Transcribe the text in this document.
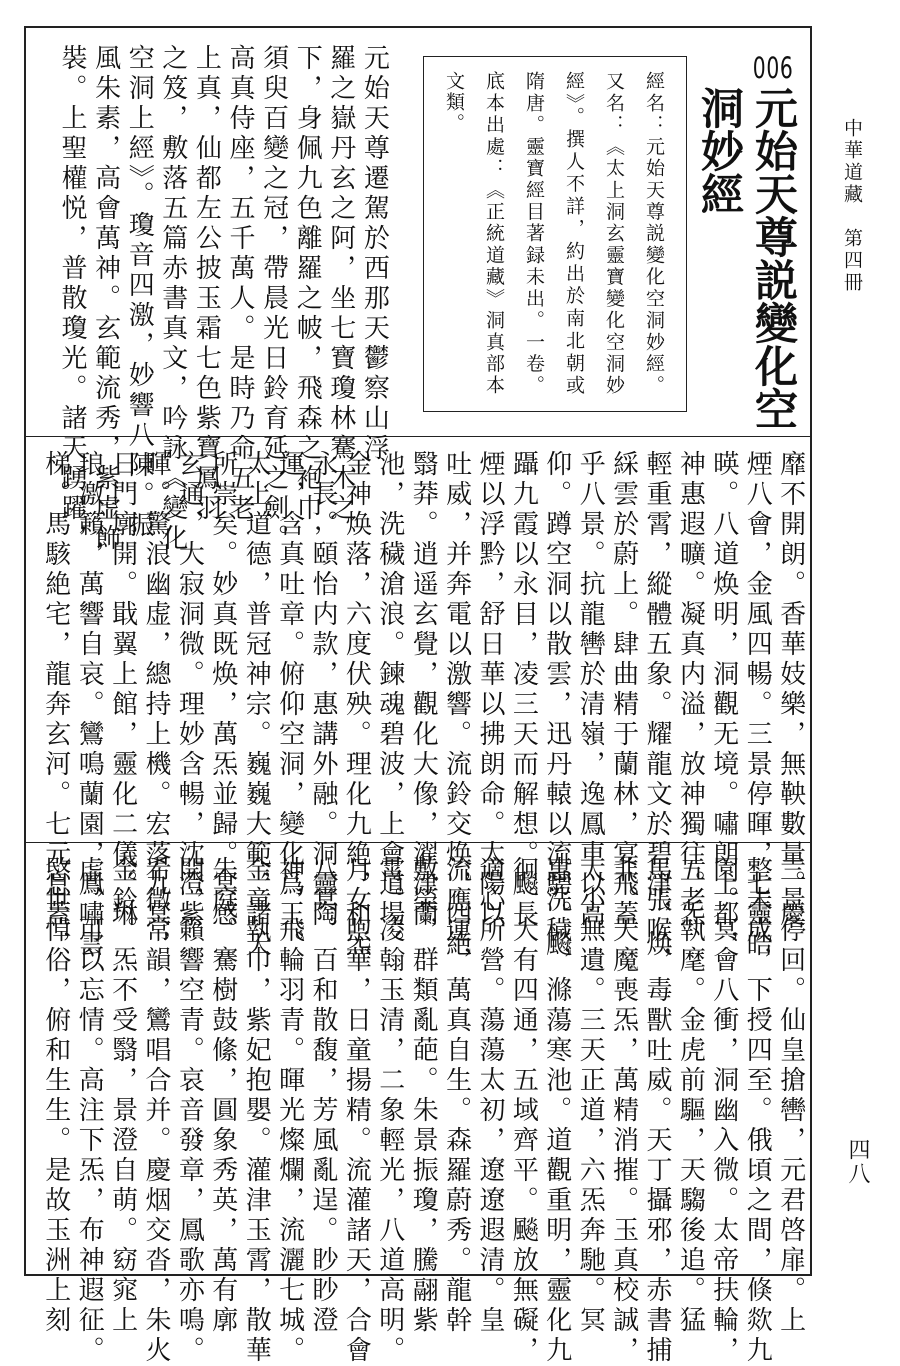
中華道藏　第四冊
四八
006
元始天尊説變化空
洞妙經
經名：元始天尊説變化空洞妙經。又名：《太上洞玄靈寶變化空洞妙經》。撰人不詳，約出於南北朝或隋唐。靈寶經目著録未出。一卷。底本出處：《正統道藏》洞真部本文類。
元始天尊遷駕於西那天鬱察山浮
羅之嶽丹玄之阿，坐七寶瓊林騫木之
下，身佩九色離羅之帔，飛森之袍巾，
須臾百變之冠，帶晨光日鈴育延之劍。
高真侍座，五千萬人。是時乃命五老
上真，仙都左公披玉霜七色紫寶鳳羽
之笈，敷落五篇赤書真文，吟詠《變化
空洞上經》。瓊音四激，妙響八陳。振
風朱素，高會萬神。玄範流秀，紫虚飾
裝。上聖權悦，普散瓊光。諸天踴躍，
靡不開朗。香華妓樂，無鞅數量。慶
煙八會，金風四暢。三景停暉，七靈皓
暎。八道焕明，洞觀无境。嘯朗上都，
神惠遐曠。凝真内溢，放神獨往。炁
輕重霄，縱體五象。耀龍文於碧津，焕
綵雲於蔚上。肆曲精于蘭林，宴飛蓋
乎八景。抗龍轡於清嶺，逸鳳車以高
仰。蹲空洞以散雲，迅丹轅以流騁。飈
躡九霞以永目，凌三天而解想。飈長
煙以浮黔，舒日華以拂朗命。太陽以
吐威，并奔電以激響。流鈴交焕，四絶
翳莽。逍遥玄覺，觀化大像，濯津蘭
池，洗穢滄浪。鍊魂碧波，上會道場。
金神焕落，六度伏殃。理化九絶，和炁
永長。頤怡内款，惠講外融。洞靈陶
運，含真吐章。俯仰空洞，變化爲王。
太上道德，普冠神宗。巍巍大範，諸天
所崇矣。妙真既焕，萬炁並歸。冥感
玄通，大寂洞微。理妙含暢，沈澄紫
暉。驚浪幽虚，總持上機。宏落九冥，
日門廓開。戢翼上館，靈化二儀。琳
琅激籟，萬響自哀。鸞鳴蘭園，鳳嘯雲
梯。馬駭絶宅，龍奔玄河。七元息蓋，
三景停回。仙皇搶轡，元君啓扉。上
整未成，下授四至。俄頃之間，倏欻九
園。冥會八衝，洞幽入微。太帝扶輪，
五老執麾。金虎前驅，天騶後追。猛
馬張喉，毒獸吐威。天丁攝邪，赤書捕
非。天魔喪炁，萬精消摧。玉真校誠，
大小無遺。三天正道，六炁奔馳。冥
惠洗穢，滌蕩寒池。道觀重明，靈化九
徊。大有四通，五域齊平。飈放無礙，
適心所營。蕩蕩太初，遼遼遐清。皇
流應運，萬真自生。森羅蔚秀。龍幹
敷榮，群類亂葩。朱景振瓊，騰翮紫
霄。凌翰玉清，二象輕光，八道高明。
月女煦華，日童揚精。流灌諸天，合會
八冥。百和散馥，芳風亂逞。眇眇澄
神，飛輪羽青。暉光燦爛，流灑七城。
金童執巾，紫妃抱嬰。灌津玉霄，散華
朱庭。騫樹鼓絛，圓象秀英，萬有廓
開，籟響空青。哀音發章，鳳歌亦鳴。
希微常韻，鸞唱合并。慶烟交沓，朱火
金鈴。炁不受翳，景澄自萌。窈窕上
虚，可以忘情。高注下炁，布神遐征。
愍世悼俗，俯和生生。是故玉洲上刻
